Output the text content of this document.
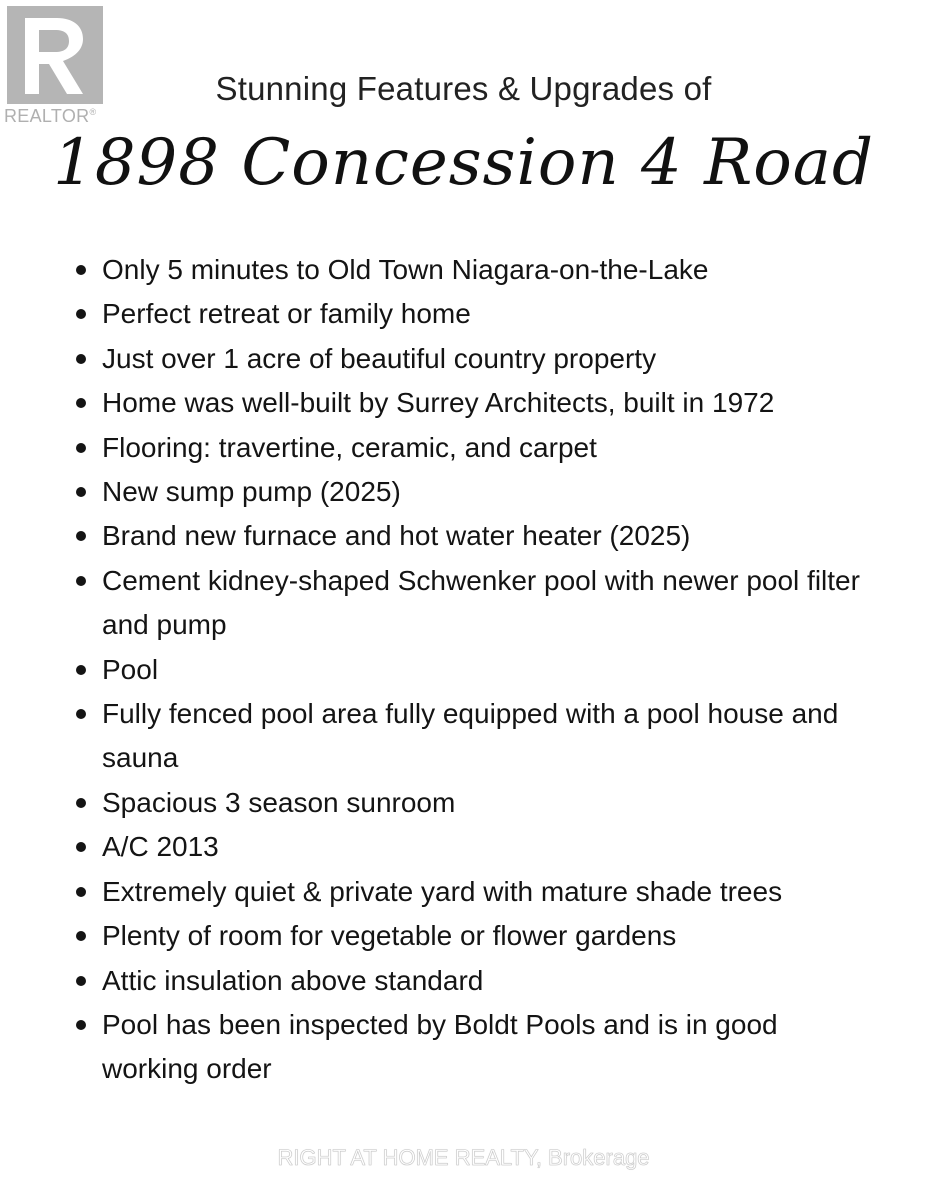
REALTOR®
Stunning Features & Upgrades of
1898 Concession 4 Road
Only 5 minutes to Old Town Niagara-on-the-Lake
Perfect retreat or family home
Just over 1 acre of beautiful country property
Home was well-built by Surrey Architects, built in 1972
Flooring: travertine, ceramic, and carpet
New sump pump (2025)
Brand new furnace and hot water heater (2025)
Cement kidney-shaped Schwenker pool with newer pool filter and pump
Pool
Fully fenced pool area fully equipped with a pool house and sauna
Spacious 3 season sunroom
A/C 2013
Extremely quiet & private yard with mature shade trees
Plenty of room for vegetable or flower gardens
Attic insulation above standard
Pool has been inspected by Boldt Pools and is in good working order
RIGHT AT HOME REALTY, Brokerage
